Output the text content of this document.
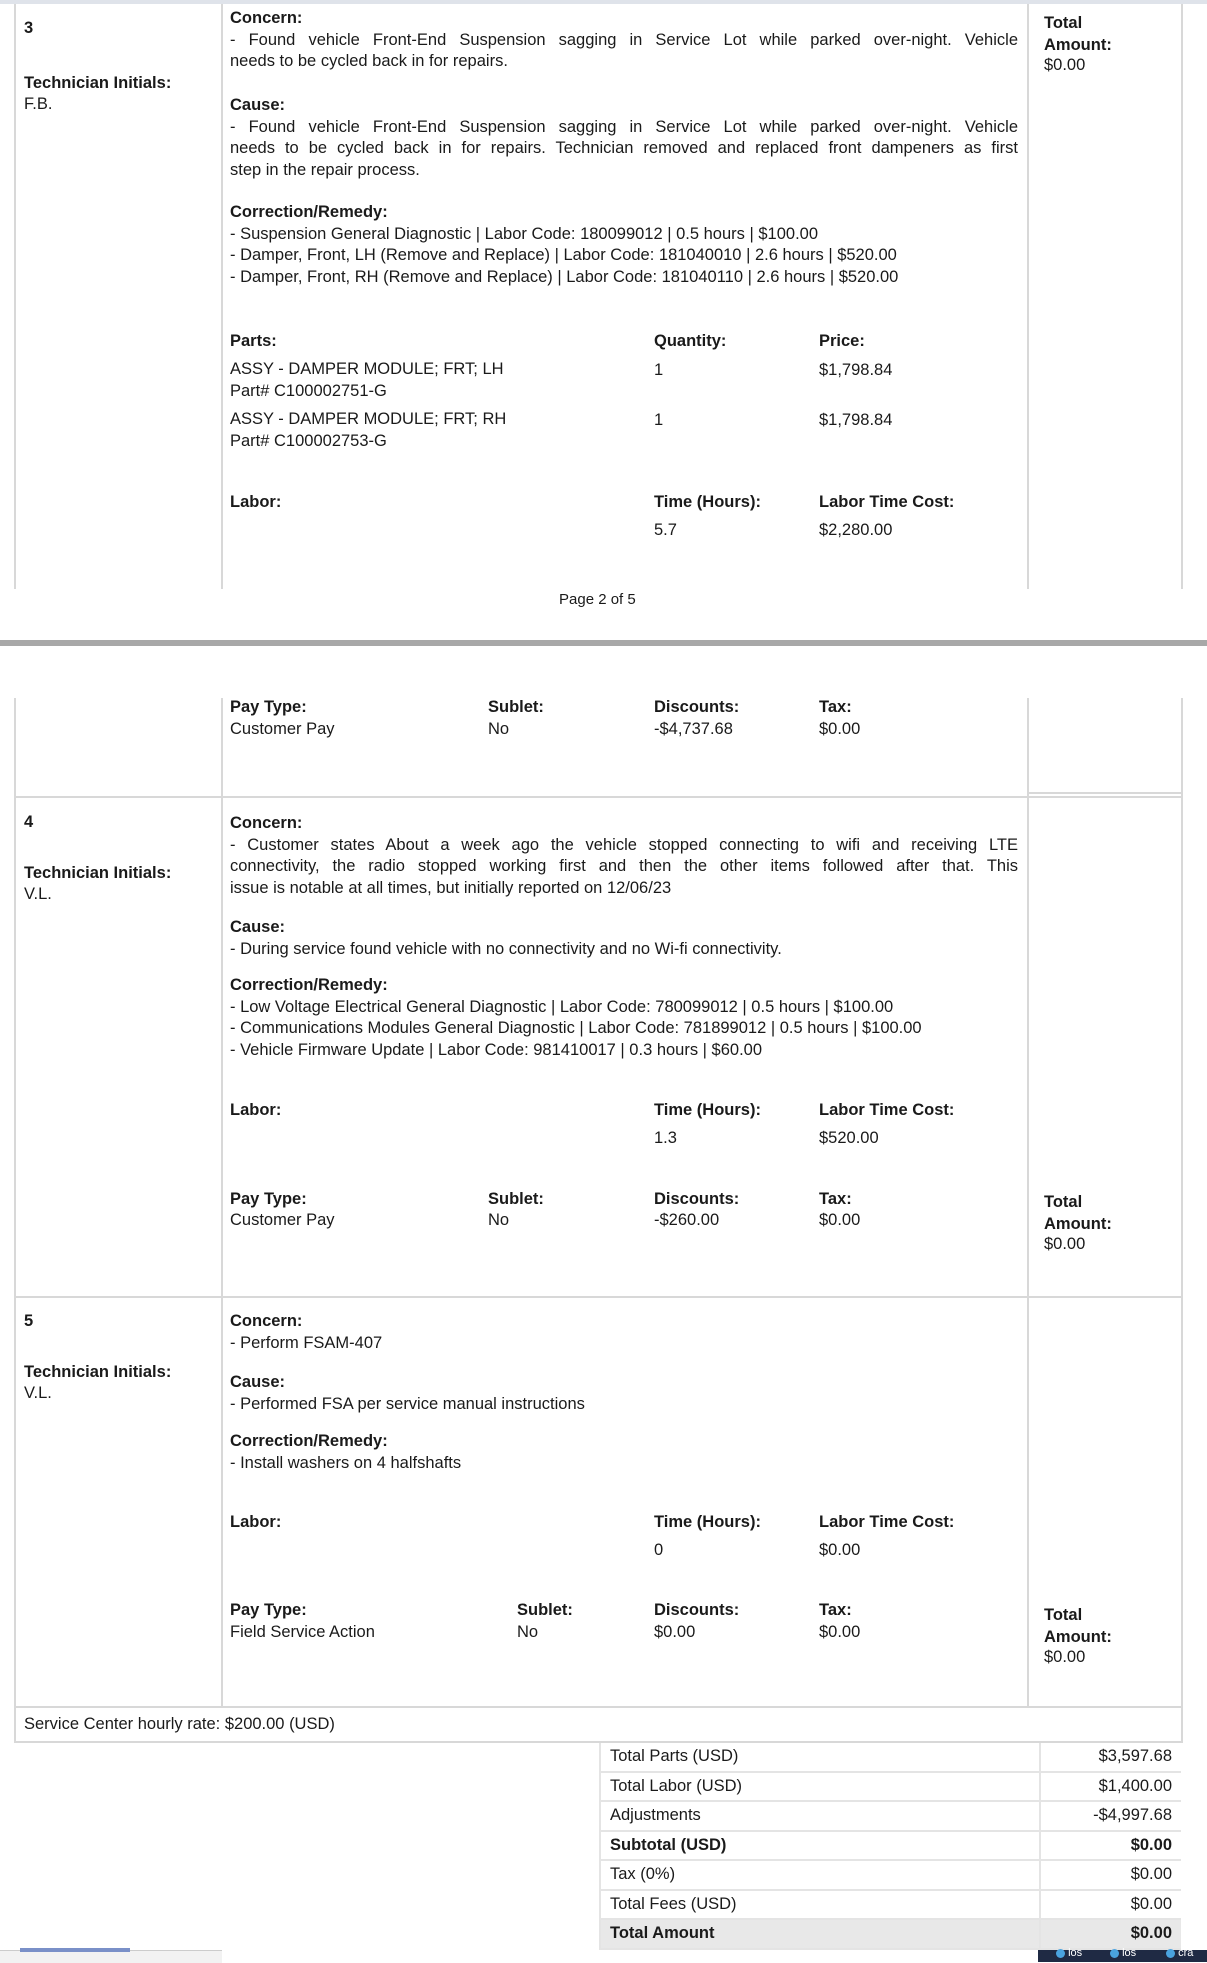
3
Technician Initials:
F.B.
Concern:
- Found vehicle Front-End Suspension sagging in Service Lot while parked over-night. Vehicle
needs to be cycled back in for repairs.
Cause:
- Found vehicle Front-End Suspension sagging in Service Lot while parked over-night. Vehicle
needs to be cycled back in for repairs. Technician removed and replaced front dampeners as first
step in the repair process.
Correction/Remedy:
- Suspension General Diagnostic | Labor Code: 180099012 | 0.5 hours | $100.00
- Damper, Front, LH (Remove and Replace) | Labor Code: 181040010 | 2.6 hours | $520.00
- Damper, Front, RH (Remove and Replace) | Labor Code: 181040110 | 2.6 hours | $520.00
Parts:	Quantity:	Price:
ASSY - DAMPER MODULE; FRT; LH
Part# C100002751-G
1	$1,798.84
ASSY - DAMPER MODULE; FRT; RH
Part# C100002753-G
1	$1,798.84
Labor:	Time (Hours):	Labor Time Cost:
5.7	$2,280.00
Total
Amount:
$0.00
Page 2 of 5
Pay Type:
Customer Pay
Sublet:
No
Discounts:
-$4,737.68
Tax:
$0.00
4
Technician Initials:
V.L.
Concern:
- Customer states About a week ago the vehicle stopped connecting to wifi and receiving LTE
connectivity, the radio stopped working first and then the other items followed after that. This
issue is notable at all times, but initially reported on 12/06/23
Cause:
- During service found vehicle with no connectivity and no Wi-fi connectivity.
Correction/Remedy:
- Low Voltage Electrical General Diagnostic | Labor Code: 780099012 | 0.5 hours | $100.00
- Communications Modules General Diagnostic | Labor Code: 781899012 | 0.5 hours | $100.00
- Vehicle Firmware Update | Labor Code: 981410017 | 0.3 hours | $60.00
Labor:	Time (Hours):	Labor Time Cost:
1.3	$520.00
Pay Type:
Customer Pay
Sublet:
No
Discounts:
-$260.00
Tax:
$0.00
Total
Amount:
$0.00
5
Technician Initials:
V.L.
Concern:
- Perform FSAM-407
Cause:
- Performed FSA per service manual instructions
Correction/Remedy:
- Install washers on 4 halfshafts
Labor:	Time (Hours):	Labor Time Cost:
0	$0.00
Pay Type:
Field Service Action
Sublet:
No
Discounts:
$0.00
Tax:
$0.00
Total
Amount:
$0.00
Service Center hourly rate: $200.00 (USD)
Total Parts (USD)	$3,597.68
Total Labor (USD)	$1,400.00
Adjustments	-$4,997.68
Subtotal (USD)	$0.00
Tax (0%)	$0.00
Total Fees (USD)	$0.00
Total Amount	$0.00
los	los	cra
